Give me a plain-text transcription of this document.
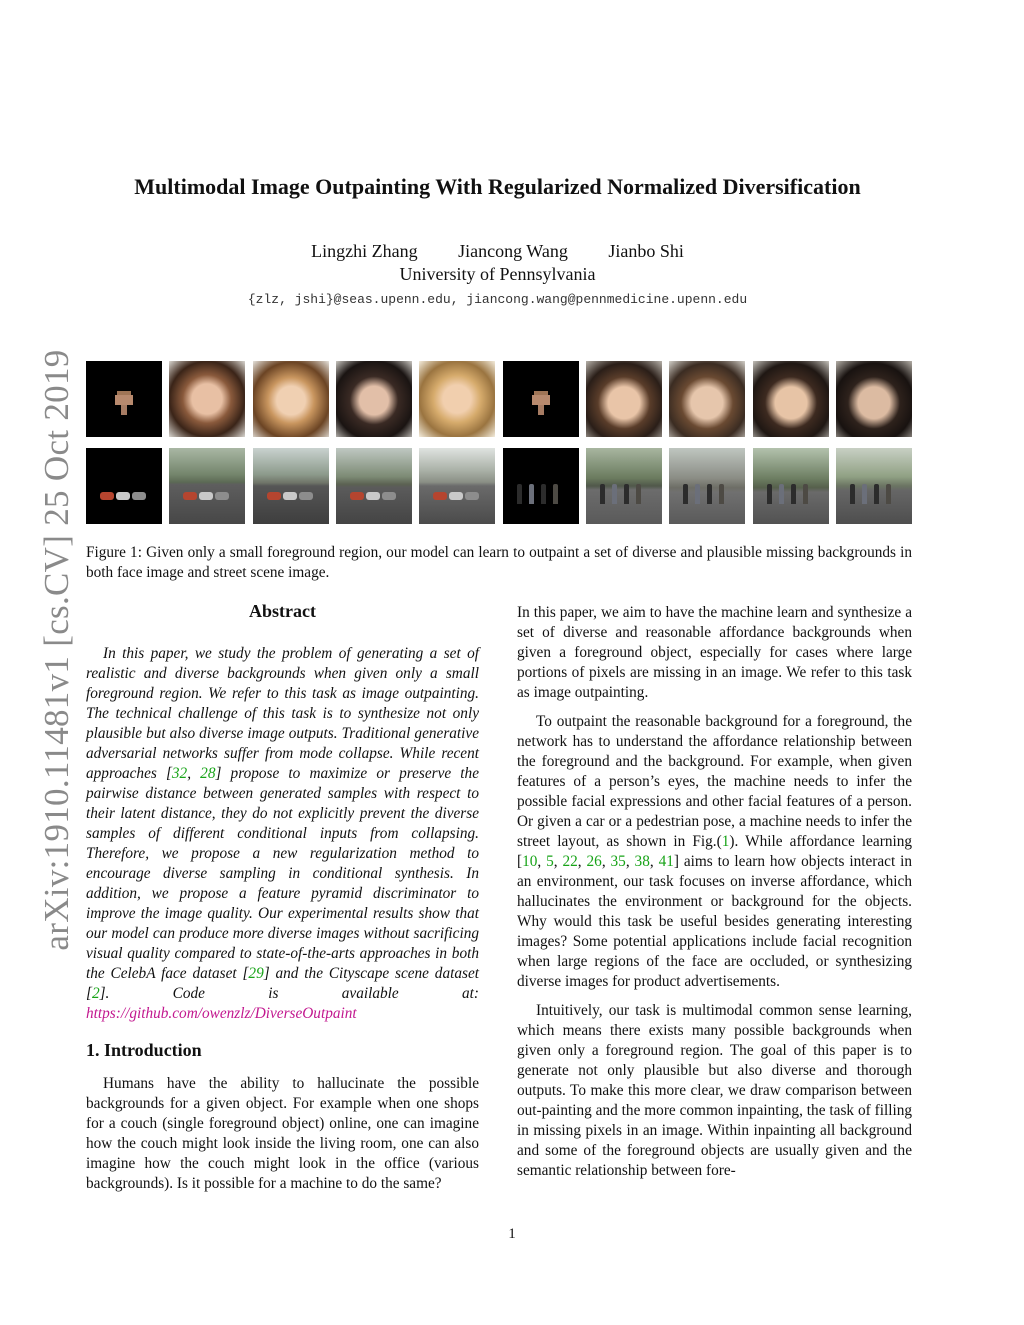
arXiv:1910.11481v1 [cs.CV] 25 Oct 2019
Multimodal Image Outpainting With Regularized Normalized Diversification
Lingzhi Zhang Jiancong Wang Jianbo Shi
University of Pennsylvania
{zlz, jshi}@seas.upenn.edu, jiancong.wang@pennmedicine.upenn.edu
Figure 1: Given only a small foreground region, our model can learn to outpaint a set of diverse and plausible missing backgrounds in both face image and street scene image.
Abstract
In this paper, we study the problem of generating a set of realistic and diverse backgrounds when given only a small foreground region. We refer to this task as image outpainting. The technical challenge of this task is to synthesize not only plausible but also diverse image outputs. Traditional generative adversarial networks suffer from mode collapse. While recent approaches [32, 28] propose to maximize or preserve the pairwise distance between generated samples with respect to their latent distance, they do not explicitly prevent the diverse samples of different conditional inputs from collapsing. Therefore, we propose a new regularization method to encourage diverse sampling in conditional synthesis. In addition, we propose a feature pyramid discriminator to improve the image quality. Our experimental results show that our model can produce more diverse images without sacrificing visual quality compared to state-of-the-arts approaches in both the CelebA face dataset [29] and the Cityscape scene dataset [2]. Code is available at: https://github.com/owenzlz/DiverseOutpaint
1. Introduction
Humans have the ability to hallucinate the possible backgrounds for a given object. For example when one shops for a couch (single foreground object) online, one can imagine how the couch might look inside the living room, one can also imagine how the couch might look in the office (various backgrounds). Is it possible for a machine to do the same?

In this paper, we aim to have the machine learn and synthesize a set of diverse and reasonable affordance backgrounds when given a foreground object, especially for cases where large portions of pixels are missing in an image. We refer to this task as image outpainting.

To outpaint the reasonable background for a foreground, the network has to understand the affordance relationship between the foreground and the background. For example, when given features of a person’s eyes, the machine needs to infer the possible facial expressions and other facial features of a person. Or given a car or a pedestrian pose, a machine needs to infer the street layout, as shown in Fig.(1). While affordance learning [10, 5, 22, 26, 35, 38, 41] aims to learn how objects interact in an environment, our task focuses on inverse affordance, which hallucinates the environment or background for the objects. Why would this task be useful besides generating interesting images? Some potential applications include facial recognition when large regions of the face are occluded, or synthesizing diverse images for product advertisements.

Intuitively, our task is multimodal common sense learning, which means there exists many possible backgrounds when given only a foreground region. The goal of this paper is to generate not only plausible but also diverse and thorough outputs. To make this more clear, we draw comparison between out-painting and the more common inpainting, the task of filling in missing pixels in an image. Within inpainting all background and some of the foreground objects are usually given and the semantic relationship between fore-

1
